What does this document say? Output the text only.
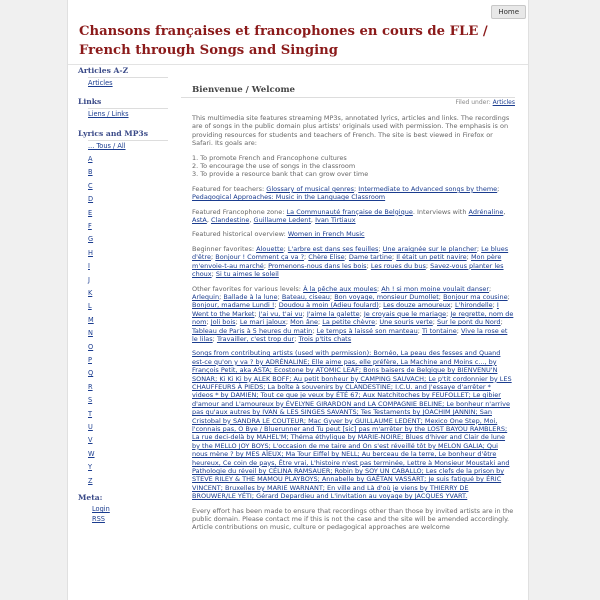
Home
Chansons françaises et francophones en cours de FLE /
French through Songs and Singing
Articles A-Z
Articles
Links
Liens / Links
Lyrics and MP3s
... Tous / All
A
B
C
D
E
F
G
H
I
J
K
L
M
N
O
P
Q
R
S
T
U
V
W
Y
Z
Meta:
Login
RSS
Bienvenue / Welcome
Filed under: Articles

This multimedia site features streaming MP3s, annotated lyrics, articles and links. The recordings are of songs in the public domain plus artists' originals used with permission. The emphasis is on providing resources for students and teachers of French. The site is best viewed in Firefox or Safari. Its goals are:

1. To promote French and Francophone cultures
2. To encourage the use of songs in the classroom
3. To provide a resource bank that can grow over time

Featured for teachers: Glossary of musical genres; Intermediate to Advanced songs by theme; Pedagogical Approaches: Music in the Language Classroom

Featured Francophone zone: La Communauté française de Belgique. Interviews with Adrénaline, AstA, Clandestine, Guillaume Ledent, Ivan Tirtiaux

Featured historical overview: Women in French Music

Beginner favorites: Alouette; L'arbre est dans ses feuilles; Une araignée sur le plancher; Le blues d'être; Bonjour ! Comment ça va ?; Chère Elise; Dame tartine; Il était un petit navire; Mon père m'envoie-t-au marché; Promenons-nous dans les bois; Les roues du bus; Savez-vous planter les choux; Si tu aimes le soleil

Other favorites for various levels: À la pêche aux moules; Ah ! si mon moine voulait danser; Arlequin; Ballade à la lune; Bateau, ciseau; Bon voyage, monsieur Dumollet; Bonjour ma cousine; Bonjour, madame Lundi !; Doudou à moin (Adieu foulard); Les douze amoureux; L'hirondelle; I Went to the Market; J'ai vu, t'ai vu; J'aime la galette; Je croyais que le mariage; Je regrette, nom de nom; Joli bois; Le mari jaloux; Mon âne; La petite chèvre; Une souris verte; Sur le pont du Nord; Tableau de Paris à 5 heures du matin; Le temps à laissé son manteau; Ti tontaine; Vive la rose et le lilas; Travailler, c'est trop dur; Trois p'tits chats

Songs from contributing artists (used with permission): Bornéo, La peau des fesses and Quand est-ce qu'on y va ? by ADRÉNALINE; Elle aime pas, elle préfère, La Machine and Moins c..., by François Petit, aka ASTA; Ecostone by ATOMIC LEAF; Bons baisers de Belgique by BIENVENU'N SONAR; Ki Ki Ki by ALEK BOFF; Au petit bonheur by CAMPING SAUVACH; Le p'tit cordonnier by LES CHAUFFEURS À PIEDS; La boîte à souvenirs by CLANDESTINE; I.C.U. and J'essaye d'arrêter * videos * by DAMIEN; Tout ce que je veux by ÉTÉ 67; Aux Natchitoches by FEUFOLLET; Le gibier d'amour and L'amoureux by ÉVELYNE GIRARDON and LA COMPAGNIE BELINE; Le bonheur n'arrive pas qu'aux autres by IVAN & LES SINGES SAVANTS; Tes Testaments by JOACHIM JANNIN; San Cristobal by SANDRA LE COUTEUR; Mac Gyver by GUILLAUME LEDENT; Mexico One Step, Moi, l'connais pas, O Bye / Bluerunner and Tu peut [sic] pas m'arrêter by the LOST BAYOU RAMBLERS; La rue deci-delà by MAHEL'M; Théma éthylique by MARIE-NOIRE; Blues d'hiver and Clair de lune by the MELLO JOY BOYS; L'occasion de me taire and On s'est réveillé tôt by MELON GALIA; Qui nous mène ? by MES AÏEUX; Ma Tour Eiffel by NELL; Au berceau de la terre, Le bonheur d'être heureux, Ce coin de pays, Être vrai, L'histoire n'est pas terminée, Lettre à Monsieur Moustaki and Pathologie du réveil by CÉLINA RAMSAUER; Robin by SOY UN CABALLO; Les clefs de la prison by STEVE RILEY & THE MAMOU PLAYBOYS; Annabelle by GAËTAN VASSART; Je suis fatigué by ÉRIC VINCENT; Bruxelles by MARIE WARNANT; En ville and Là d'où je viens by THIERRY DE BROUWER/LE YÉTI; Gérard Depardieu and L'invitation au voyage by JACQUES YVART.

Every effort has been made to ensure that recordings other than those by invited artists are in the public domain. Please contact me if this is not the case and the site will be amended accordingly. Article contributions on music, culture or pedagogical approaches are welcome
